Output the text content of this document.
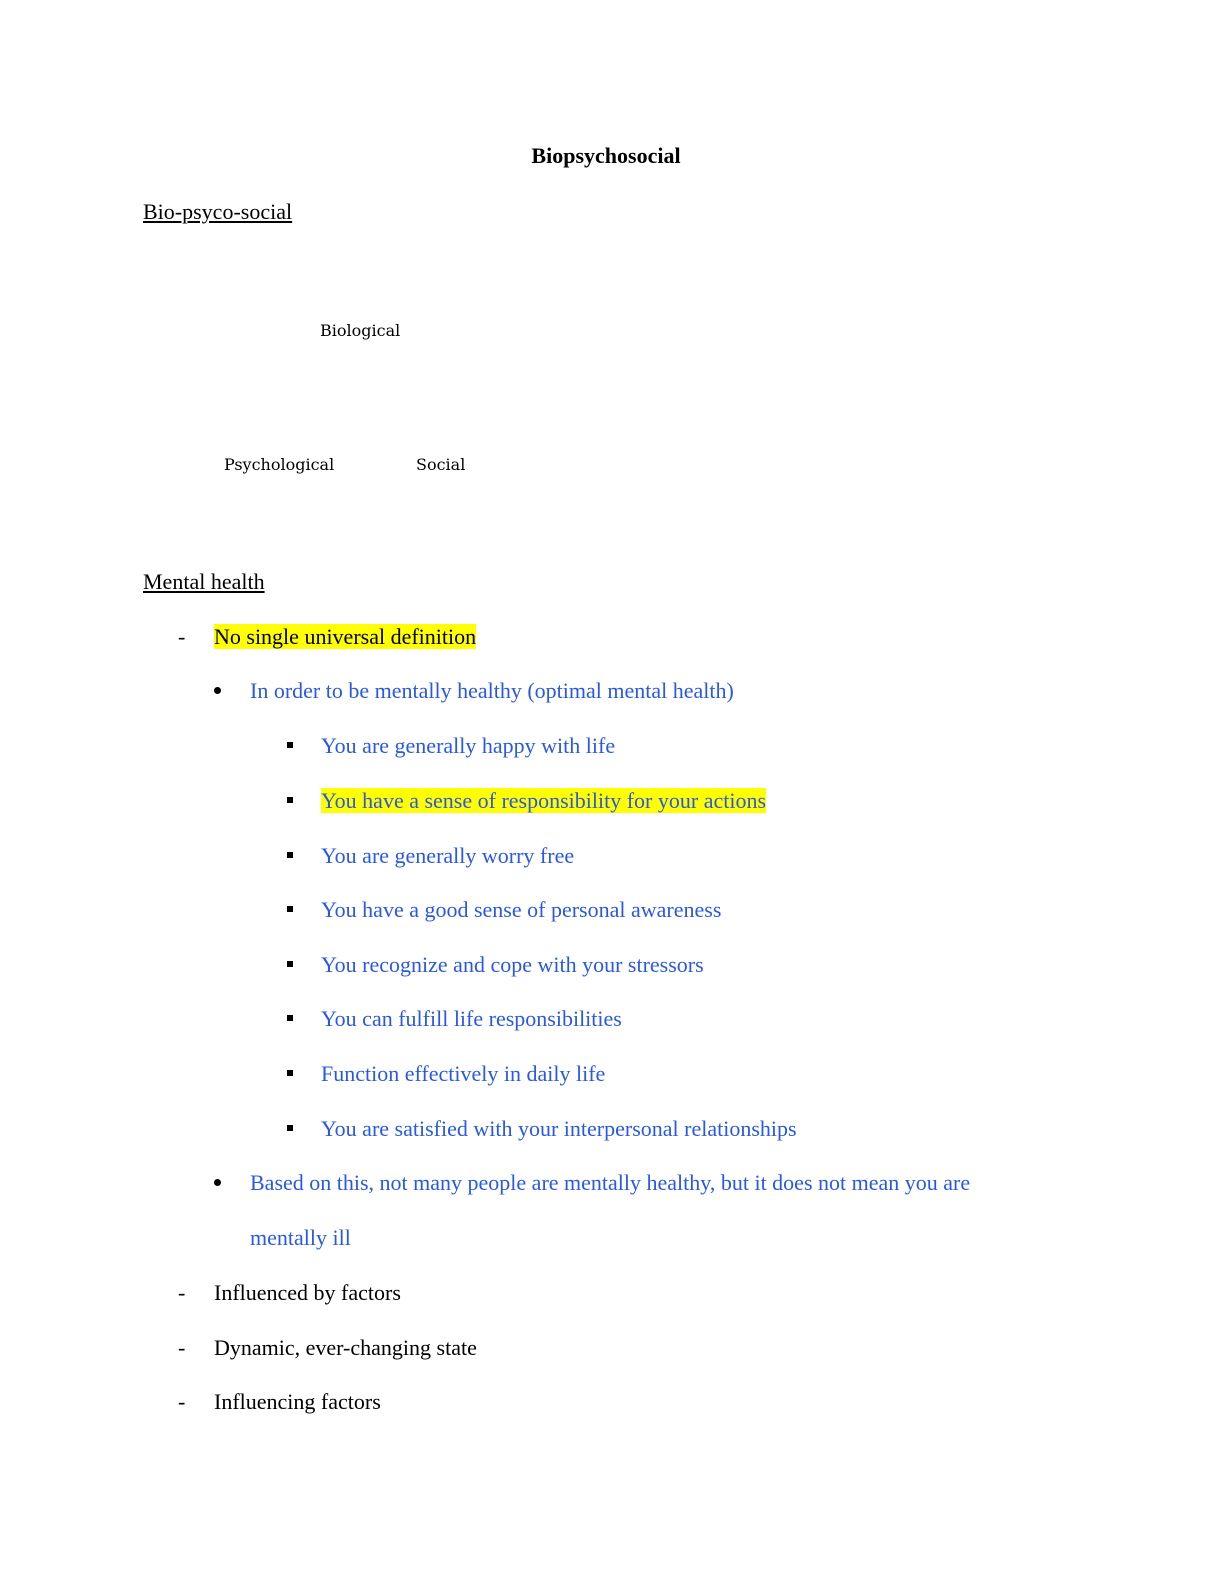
Biopsychosocial
Bio-psyco-social
Biological
Psychological	Social
Mental health
- No single universal definition
In order to be mentally healthy (optimal mental health)
You are generally happy with life
You have a sense of responsibility for your actions
You are generally worry free
You have a good sense of personal awareness
You recognize and cope with your stressors
You can fulfill life responsibilities
Function effectively in daily life
You are satisfied with your interpersonal relationships
Based on this, not many people are mentally healthy, but it does not mean you are
mentally ill
- Influenced by factors
- Dynamic, ever-changing state
- Influencing factors
